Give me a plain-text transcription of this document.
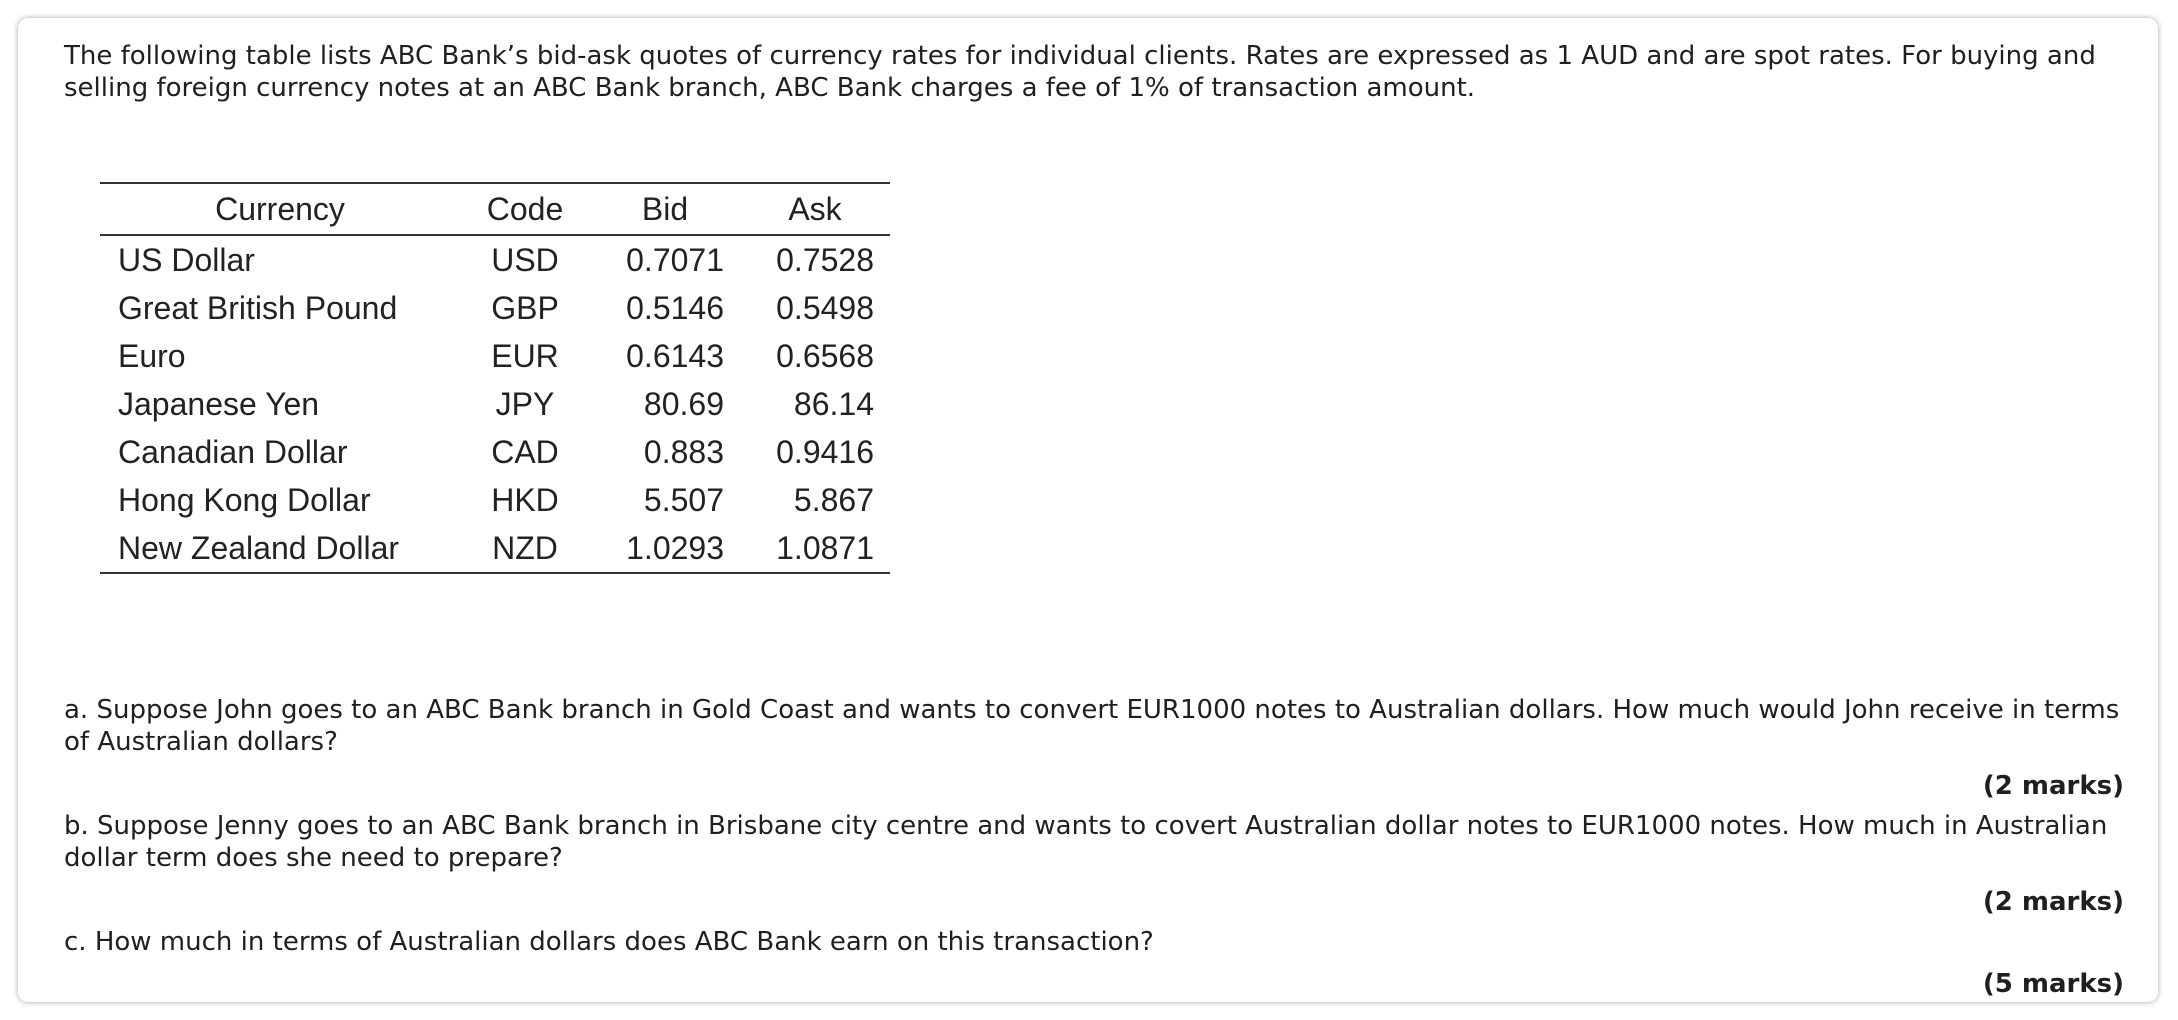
The following table lists ABC Bank’s bid-ask quotes of currency rates for individual clients. Rates are expressed as 1 AUD and are spot rates. For buying and selling foreign currency notes at an ABC Bank branch, ABC Bank charges a fee of 1% of transaction amount.

Currency	Code	Bid	Ask
US Dollar	USD	0.7071	0.7528
Great British Pound	GBP	0.5146	0.5498
Euro	EUR	0.6143	0.6568
Japanese Yen	JPY	80.69	86.14
Canadian Dollar	CAD	0.883	0.9416
Hong Kong Dollar	HKD	5.507	5.867
New Zealand Dollar	NZD	1.0293	1.0871

a. Suppose John goes to an ABC Bank branch in Gold Coast and wants to convert EUR1000 notes to Australian dollars. How much would John receive in terms of Australian dollars?

(2 marks)

b. Suppose Jenny goes to an ABC Bank branch in Brisbane city centre and wants to covert Australian dollar notes to EUR1000 notes. How much in Australian dollar term does she need to prepare?

(2 marks)

c. How much in terms of Australian dollars does ABC Bank earn on this transaction?

(5 marks)
